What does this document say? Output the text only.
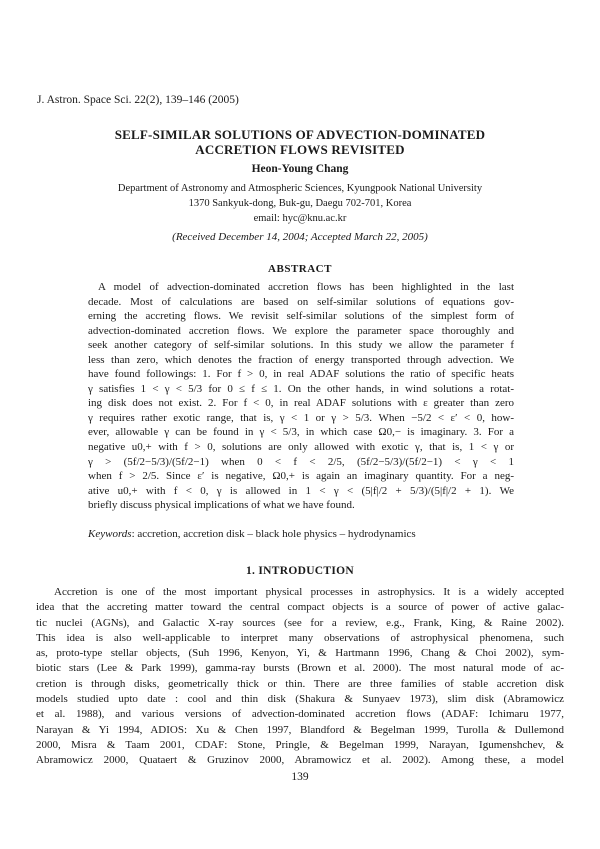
J. Astron. Space Sci. 22(2), 139–146 (2005)
SELF-SIMILAR SOLUTIONS OF ADVECTION-DOMINATED
ACCRETION FLOWS REVISITED
Heon-Young Chang
Department of Astronomy and Atmospheric Sciences, Kyungpook National University
1370 Sankyuk-dong, Buk-gu, Daegu 702-701, Korea
email: hyc@knu.ac.kr
(Received December 14, 2004; Accepted March 22, 2005)
ABSTRACT
A model of advection-dominated accretion flows has been highlighted in the last
decade. Most of calculations are based on self-similar solutions of equations gov-
erning the accreting flows. We revisit self-similar solutions of the simplest form of
advection-dominated accretion flows. We explore the parameter space thoroughly and
seek another category of self-similar solutions. In this study we allow the parameter f
less than zero, which denotes the fraction of energy transported through advection. We
have found followings: 1. For f > 0, in real ADAF solutions the ratio of specific heats
γ satisfies 1 < γ < 5/3 for 0 ≤ f ≤ 1. On the other hands, in wind solutions a rotat-
ing disk does not exist. 2. For f < 0, in real ADAF solutions with ε greater than zero
γ requires rather exotic range, that is, γ < 1 or γ > 5/3. When −5/2 < ε′ < 0, how-
ever, allowable γ can be found in γ < 5/3, in which case Ω0,− is imaginary. 3. For a
negative u0,+ with f > 0, solutions are only allowed with exotic γ, that is, 1 < γ or
γ > (5f/2−5/3)/(5f/2−1) when 0 < f < 2/5, (5f/2−5/3)/(5f/2−1) < γ < 1
when f > 2/5. Since ε′ is negative, Ω0,+ is again an imaginary quantity. For a neg-
ative u0,+ with f < 0, γ is allowed in 1 < γ < (5|f|/2 + 5/3)/(5|f|/2 + 1). We
briefly discuss physical implications of what we have found.
Keywords: accretion, accretion disk – black hole physics – hydrodynamics
1. INTRODUCTION
Accretion is one of the most important physical processes in astrophysics. It is a widely accepted
idea that the accreting matter toward the central compact objects is a source of power of active galac-
tic nuclei (AGNs), and Galactic X-ray sources (see for a review, e.g., Frank, King, & Raine 2002).
This idea is also well-applicable to interpret many observations of astrophysical phenomena, such
as, proto-type stellar objects, (Suh 1996, Kenyon, Yi, & Hartmann 1996, Chang & Choi 2002), sym-
biotic stars (Lee & Park 1999), gamma-ray bursts (Brown et al. 2000). The most natural mode of ac-
cretion is through disks, geometrically thick or thin. There are three families of stable accretion disk
models studied upto date : cool and thin disk (Shakura & Sunyaev 1973), slim disk (Abramowicz
et al. 1988), and various versions of advection-dominated accretion flows (ADAF: Ichimaru 1977,
Narayan & Yi 1994, ADIOS: Xu & Chen 1997, Blandford & Begelman 1999, Turolla & Dullemond
2000, Misra & Taam 2001, CDAF: Stone, Pringle, & Begelman 1999, Narayan, Igumenshchev, &
Abramowicz 2000, Quataert & Gruzinov 2000, Abramowicz et al. 2002). Among these, a model
139
